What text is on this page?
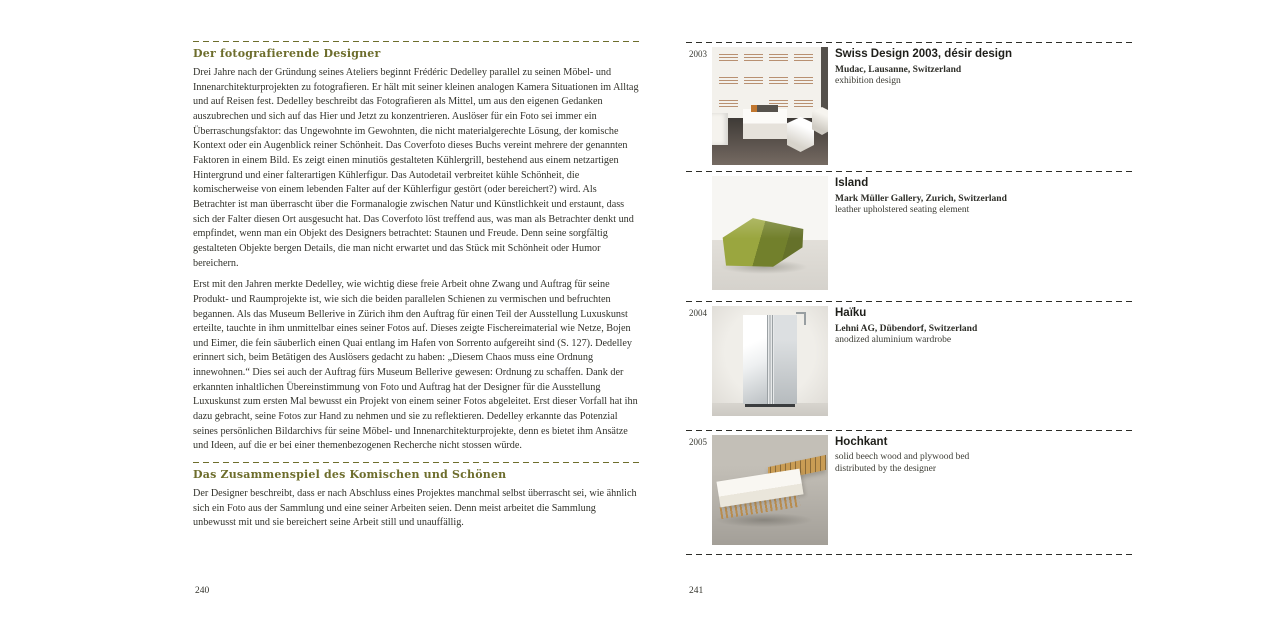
Der fotografierende Designer

Drei Jahre nach der Gründung seines Ateliers beginnt Frédéric Dedelley parallel zu seinen Möbel- und Innenarchitekturprojekten zu fotografieren. Er hält mit seiner kleinen analogen Kamera Situationen im Alltag und auf Reisen fest. Dedelley beschreibt das Fotografieren als Mittel, um aus den eigenen Gedanken auszubrechen und sich auf das Hier und Jetzt zu konzentrieren. Auslöser für ein Foto sei immer ein Überraschungsfaktor: das Ungewohnte im Gewohnten, die nicht materialgerechte Lösung, der komische Kontext oder ein Augenblick reiner Schönheit. Das Coverfoto dieses Buchs vereint mehrere der genannten Faktoren in einem Bild. Es zeigt einen minutiös gestalteten Kühlergrill, bestehend aus einem netzartigen Hintergrund und einer falterartigen Kühlerfigur. Das Autodetail verbreitet kühle Schönheit, die komischerweise von einem lebenden Falter auf der Kühlerfigur gestört (oder bereichert?) wird. Als Betrachter ist man überrascht über die Formanalogie zwischen Natur und Künstlichkeit und erstaunt, dass sich der Falter diesen Ort ausgesucht hat. Das Coverfoto löst treffend aus, was man als Betrachter denkt und empfindet, wenn man ein Objekt des Designers betrachtet: Staunen und Freude. Denn seine sorgfältig gestalteten Objekte bergen Details, die man nicht erwartet und das Stück mit Schönheit oder Humor bereichern.

Erst mit den Jahren merkte Dedelley, wie wichtig diese freie Arbeit ohne Zwang und Auftrag für seine Produkt- und Raumprojekte ist, wie sich die beiden parallelen Schienen zu vermischen und befruchten begannen. Als das Museum Bellerive in Zürich ihm den Auftrag für einen Teil der Ausstellung Luxuskunst erteilte, tauchte in ihm unmittelbar eines seiner Fotos auf. Dieses zeigte Fischereimaterial wie Netze, Bojen und Eimer, die fein säuberlich einen Quai entlang im Hafen von Sorrento aufgereiht sind (S. 127). Dedelley erinnert sich, beim Betätigen des Auslösers gedacht zu haben: „Diesem Chaos muss eine Ordnung innewohnen.“ Dies sei auch der Auftrag fürs Museum Bellerive gewesen: Ordnung zu schaffen. Dank der erkannten inhaltlichen Übereinstimmung von Foto und Auftrag hat der Designer für die Ausstellung Luxuskunst zum ersten Mal bewusst ein Projekt von einem seiner Fotos abgeleitet. Erst dieser Vorfall hat ihn dazu gebracht, seine Fotos zur Hand zu nehmen und sie zu reflektieren. Dedelley erkannte das Potenzial seines persönlichen Bildarchivs für seine Möbel- und Innenarchitekturprojekte, denn es bietet ihm Ansätze und Ideen, auf die er bei einer themenbezogenen Recherche nicht stossen würde.

Das Zusammenspiel des Komischen und Schönen

Der Designer beschreibt, dass er nach Abschluss eines Projektes manchmal selbst überrascht sei, wie ähnlich sich ein Foto aus der Sammlung und eine seiner Arbeiten seien. Denn meist arbeitet die Sammlung unbewusst mit und sie bereichert seine Arbeit still und unauffällig.

240
2003	Swiss Design 2003, désir design
Mudac, Lausanne, Switzerland
exhibition design
Island
Mark Müller Gallery, Zurich, Switzerland
leather upholstered seating element
2004	Haïku
Lehni AG, Dübendorf, Switzerland
anodized aluminium wardrobe
2005	Hochkant
solid beech wood and plywood bed
distributed by the designer
241
